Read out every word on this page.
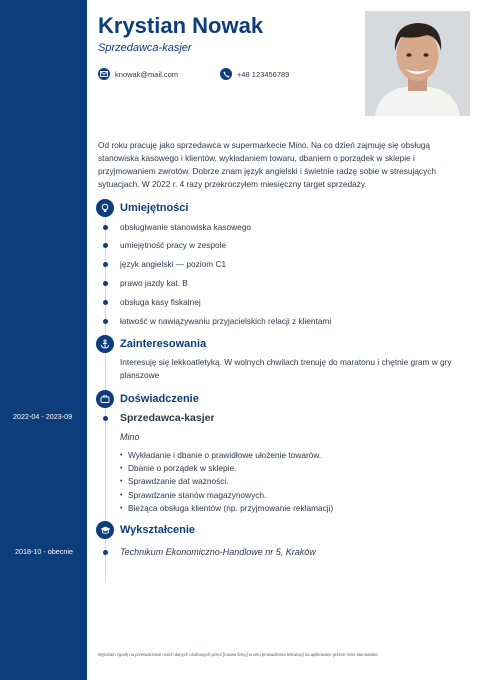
2022-04 - 2023-09
2018-10 - obecnie
Krystian Nowak
Sprzedawca-kasjer
knowak@mail.com	+48 123456789
Od roku pracuję jako sprzedawca w supermarkecie Mino. Na co dzień zajmuję się obsługą stanowiska kasowego i klientów, wykładaniem towaru, dbaniem o porządek w sklepie i przyjmowaniem zwrotów. Dobrze znam język angielski i świetnie radzę sobie w stresujących sytuacjach. W 2022 r. 4 razy przekroczyłem miesięczny target sprzedaży.
Umiejętności
obsługiwanie stanowiska kasowego
umiejętność pracy w zespole
język angielski — poziom C1
prawo jazdy kat. B
obsługa kasy fiskalnej
łatwość w nawiązywaniu przyjacielskich relacji z klientami
Zainteresowania
Interesuję się lekkoatletyką. W wolnych chwilach trenuję do maratonu i chętnie gram w gry planszowe
Doświadczenie
Sprzedawca-kasjer
Mino
• Wykładanie i dbanie o prawidłowe ułożenie towarów.
• Dbanie o porządek w sklepie.
• Sprawdzanie dat ważności.
• Sprawdzanie stanów magazynowych.
• Bieżąca obsługa klientów (np. przyjmowanie reklamacji)
Wykształcenie
Technikum Ekonomiczno-Handlowe nr 5, Kraków
Wyrażam zgodę na przetwarzanie moich danych osobowych przez [nazwa firmy] w celu prowadzenia rekrutacji na aplikowane przeze mnie stanowisko.
